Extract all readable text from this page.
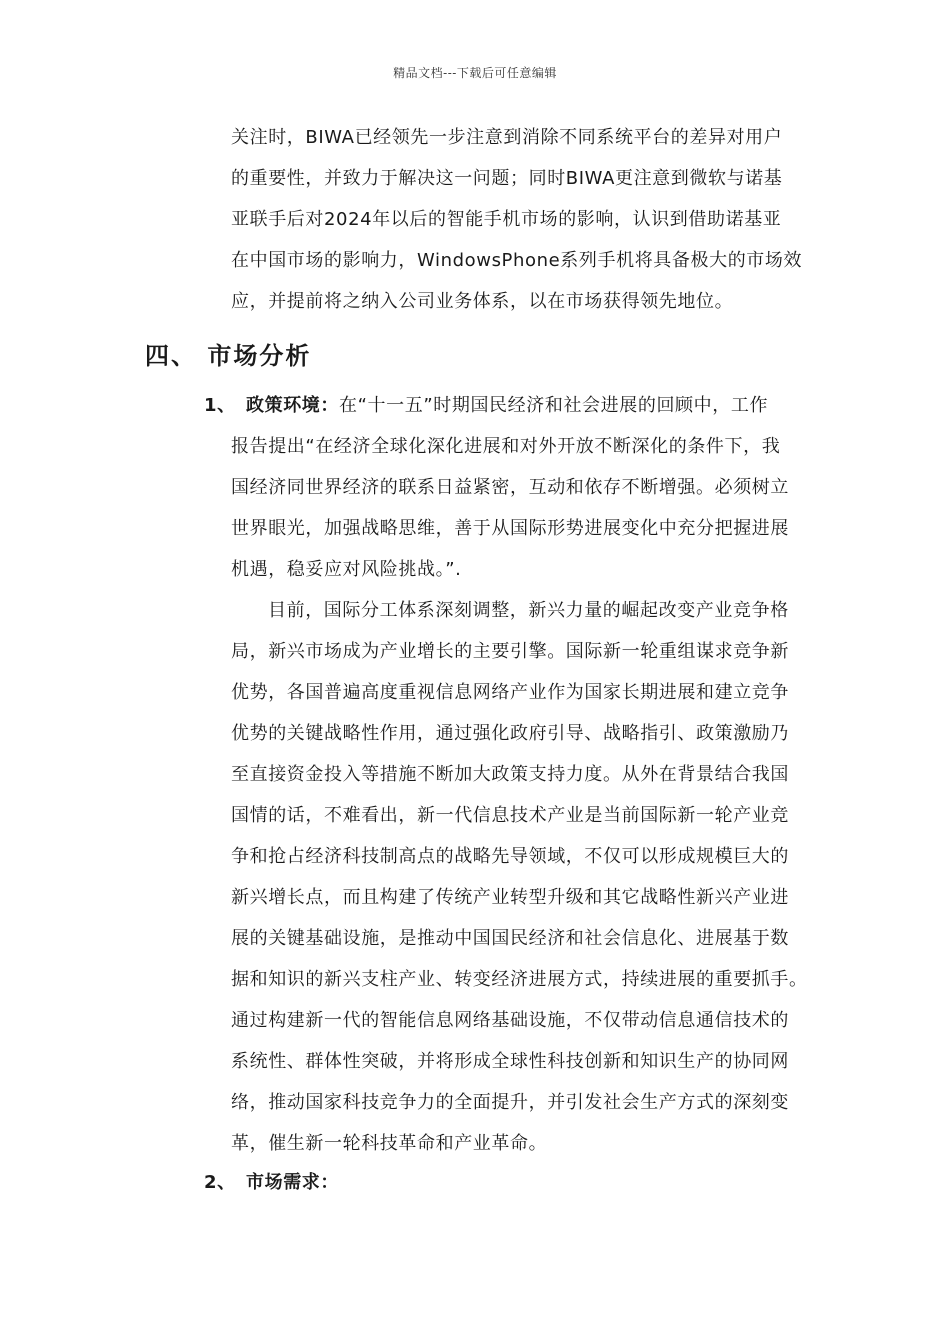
精品文档---下载后可任意编辑
关注时，BIWA已经领先一步注意到消除不同系统平台的差异对用户
的重要性，并致力于解决这一问题；同时BIWA更注意到微软与诺基
亚联手后对2024年以后的智能手机市场的影响，认识到借助诺基亚
在中国市场的影响力，WindowsPhone系列手机将具备极大的市场效
应，并提前将之纳入公司业务体系，以在市场获得领先地位。
四、 市场分析
1、 政策环境：在“十一五”时期国民经济和社会进展的回顾中，工作
报告提出“在经济全球化深化进展和对外开放不断深化的条件下，我
国经济同世界经济的联系日益紧密，互动和依存不断增强。必须树立
世界眼光，加强战略思维，善于从国际形势进展变化中充分把握进展
机遇，稳妥应对风险挑战。”.
目前，国际分工体系深刻调整，新兴力量的崛起改变产业竞争格
局，新兴市场成为产业增长的主要引擎。国际新一轮重组谋求竞争新
优势，各国普遍高度重视信息网络产业作为国家长期进展和建立竞争
优势的关键战略性作用，通过强化政府引导、战略指引、政策激励乃
至直接资金投入等措施不断加大政策支持力度。从外在背景结合我国
国情的话，不难看出，新一代信息技术产业是当前国际新一轮产业竞
争和抢占经济科技制高点的战略先导领域，不仅可以形成规模巨大的
新兴增长点，而且构建了传统产业转型升级和其它战略性新兴产业进
展的关键基础设施，是推动中国国民经济和社会信息化、进展基于数
据和知识的新兴支柱产业、转变经济进展方式，持续进展的重要抓手。
通过构建新一代的智能信息网络基础设施，不仅带动信息通信技术的
系统性、群体性突破，并将形成全球性科技创新和知识生产的协同网
络，推动国家科技竞争力的全面提升，并引发社会生产方式的深刻变
革，催生新一轮科技革命和产业革命。
2、 市场需求：
